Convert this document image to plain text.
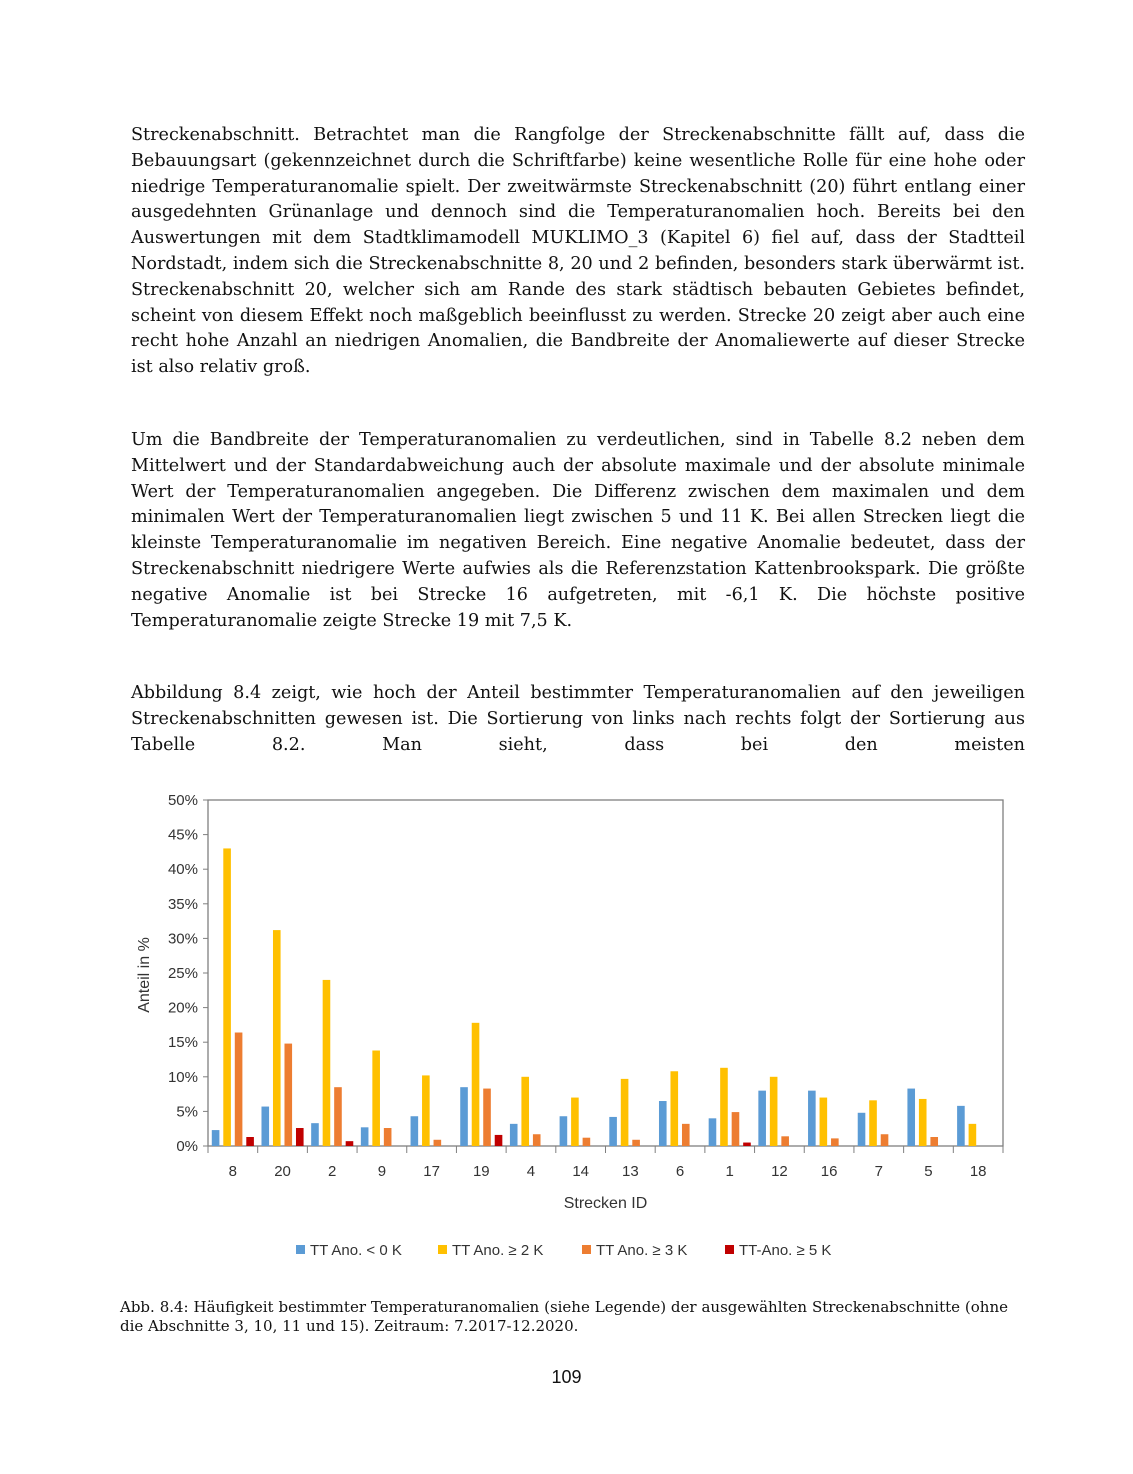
Streckenabschnitt. Betrachtet man die Rangfolge der Streckenabschnitte fällt auf, dass die Bebauungsart (gekennzeichnet durch die Schriftfarbe) keine wesentliche Rolle für eine hohe oder niedrige Temperaturanomalie spielt. Der zweitwärmste Streckenabschnitt (20) führt entlang einer ausgedehnten Grünanlage und dennoch sind die Temperaturanomalien hoch. Bereits bei den Auswertungen mit dem Stadtklimamodell MUKLIMO_3 (Kapitel 6) fiel auf, dass der Stadtteil Nordstadt, indem sich die Streckenabschnitte 8, 20 und 2 befinden, besonders stark überwärmt ist. Streckenabschnitt 20, welcher sich am Rande des stark städtisch bebauten Gebietes befindet, scheint von diesem Effekt noch maßgeblich beeinflusst zu werden. Strecke 20 zeigt aber auch eine recht hohe Anzahl an niedrigen Anomalien, die Bandbreite der Anomaliewerte auf dieser Strecke ist also relativ groß.

Um die Bandbreite der Temperaturanomalien zu verdeutlichen, sind in Tabelle 8.2 neben dem Mittelwert und der Standardabweichung auch der absolute maximale und der absolute minimale Wert der Temperaturanomalien angegeben. Die Differenz zwischen dem maximalen und dem minimalen Wert der Temperaturanomalien liegt zwischen 5 und 11 K. Bei allen Strecken liegt die kleinste Temperaturanomalie im negativen Bereich. Eine negative Anomalie bedeutet, dass der Streckenabschnitt niedrigere Werte aufwies als die Referenzstation Kattenbrookspark. Die größte negative Anomalie ist bei Strecke 16 aufgetreten, mit -6,1 K. Die höchste positive Temperaturanomalie zeigte Strecke 19 mit 7,5 K.

Abbildung 8.4 zeigt, wie hoch der Anteil bestimmter Temperaturanomalien auf den jeweiligen Streckenabschnitten gewesen ist. Die Sortierung von links nach rechts folgt der Sortierung aus Tabelle 8.2. Man sieht, dass bei den meisten

0%
5%
10%
15%
20%
25%
30%
35%
40%
45%
50%
8 20 2	9 17 19 4 14 13 6	1 12 16 7	5 18
Strecken ID
Anteil in %
TT Ano. < 0 K	TT Ano. ≥ 2 K	TT Ano. ≥ 3 K	TT-Ano. ≥ 5 K

Abb. 8.4: Häufigkeit bestimmter Temperaturanomalien (siehe Legende) der ausgewählten Streckenabschnitte (ohne die Abschnitte 3, 10, 11 und 15). Zeitraum: 7.2017-12.2020.

109
